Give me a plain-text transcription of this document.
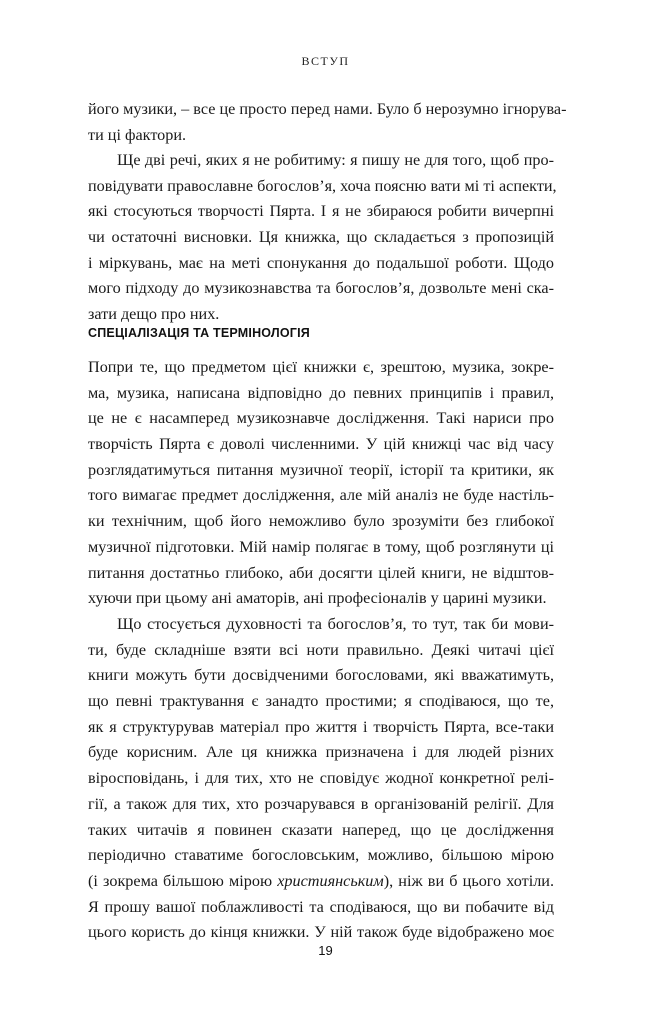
ВСТУП
його музики, – все це просто перед нами. Було б нерозумно ігнорува-
ти ці фактори.
Ще дві речі, яких я не робитиму: я пишу не для того, щоб про-
повідувати православне богослов’я, хоча поясню вати мі ті аспекти,
які стосуються творчості Пярта. І я не збираюся робити вичерпні
чи остаточні висновки. Ця книжка, що складається з пропозицій
і міркувань, має на меті спонукання до подальшої роботи. Щодо
мого підходу до музикознавства та богослов’я, дозвольте мені ска-
зати дещо про них.
СПЕЦІАЛІЗАЦІЯ ТА ТЕРМІНОЛОГІЯ
Попри те, що предметом цієї книжки є, зрештою, музика, зокре-
ма, музика, написана відповідно до певних принципів і правил,
це не є насамперед музикознавче дослідження. Такі нариси про
творчість Пярта є доволі численними. У цій книжці час від часу
розглядатимуться питання музичної теорії, історії та критики, як
того вимагає предмет дослідження, але мій аналіз не буде настіль-
ки технічним, щоб його неможливо було зрозуміти без глибокої
музичної підготовки. Мій намір полягає в тому, щоб розглянути ці
питання достатньо глибоко, аби досягти цілей книги, не відштов-
хуючи при цьому ані аматорів, ані професіоналів у царині музики.
Що стосується духовності та богослов’я, то тут, так би мови-
ти, буде складніше взяти всі ноти правильно. Деякі читачі цієї
книги можуть бути досвідченими богословами, які вважатимуть,
що певні трактування є занадто простими; я сподіваюся, що те,
як я структурував матеріал про життя і творчість Пярта, все-таки
буде корисним. Але ця книжка призначена і для людей різних
віросповідань, і для тих, хто не сповідує жодної конкретної релі-
гії, а також для тих, хто розчарувався в організованій релігії. Для
таких читачів я повинен сказати наперед, що це дослідження
періодично ставатиме богословським, можливо, більшою мірою
(і зокрема більшою мірою християнським), ніж ви б цього хотіли.
Я прошу вашої поблажливості та сподіваюся, що ви побачите від
цього користь до кінця книжки. У ній також буде відображено моє
19
